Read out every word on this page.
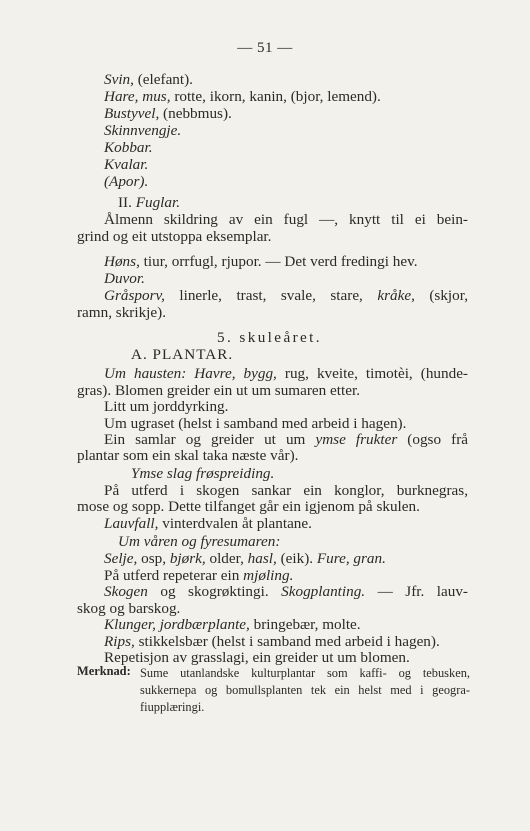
— 51 —
Svin, (elefant).
Hare, mus, rotte, ikorn, kanin, (bjor, lemend).
Bustyvel, (nebbmus).
Skinnvengje.
Kobbar.
Kvalar.
(Apor).
II. Fuglar.
Ålmenn skildring av ein fugl —, knytt til ei bein-
grind og eit utstoppa eksemplar.
Høns, tiur, orrfugl, rjupor. — Det verd fredingi hev.
Duvor.
Gråsporv, linerle, trast, svale, stare, kråke, (skjor,
ramn, skrikje).
5. skuleåret.
A. PLANTAR.
Um hausten: Havre, bygg, rug, kveite, timotèi, (hunde-
gras). Blomen greider ein ut um sumaren etter.
Litt um jorddyrking.
Um ugraset (helst i samband med arbeid i hagen).
Ein samlar og greider ut um ymse frukter (ogso frå
plantar som ein skal taka næste vår).
Ymse slag frøspreiding.
På utferd i skogen sankar ein konglor, burknegras,
mose og sopp. Dette tilfanget går ein igjenom på skulen.
Lauvfall, vinterdvalen åt plantane.
Um våren og fyresumaren:
Selje, osp, bjørk, older, hasl, (eik). Fure, gran.
På utferd repeterar ein mjøling.
Skogen og skogrøktingi. Skogplanting. — Jfr. lauv-
skog og barskog.
Klunger, jordbærplante, bringebær, molte.
Rips, stikkelsbær (helst i samband med arbeid i hagen).
Repetisjon av grasslagi, ein greider ut um blomen.
Merknad: Sume utanlandske kulturplantar som kaffi- og tebusken,
sukkernepa og bomullsplanten tek ein helst med i geogra-
fiupplæringi.
